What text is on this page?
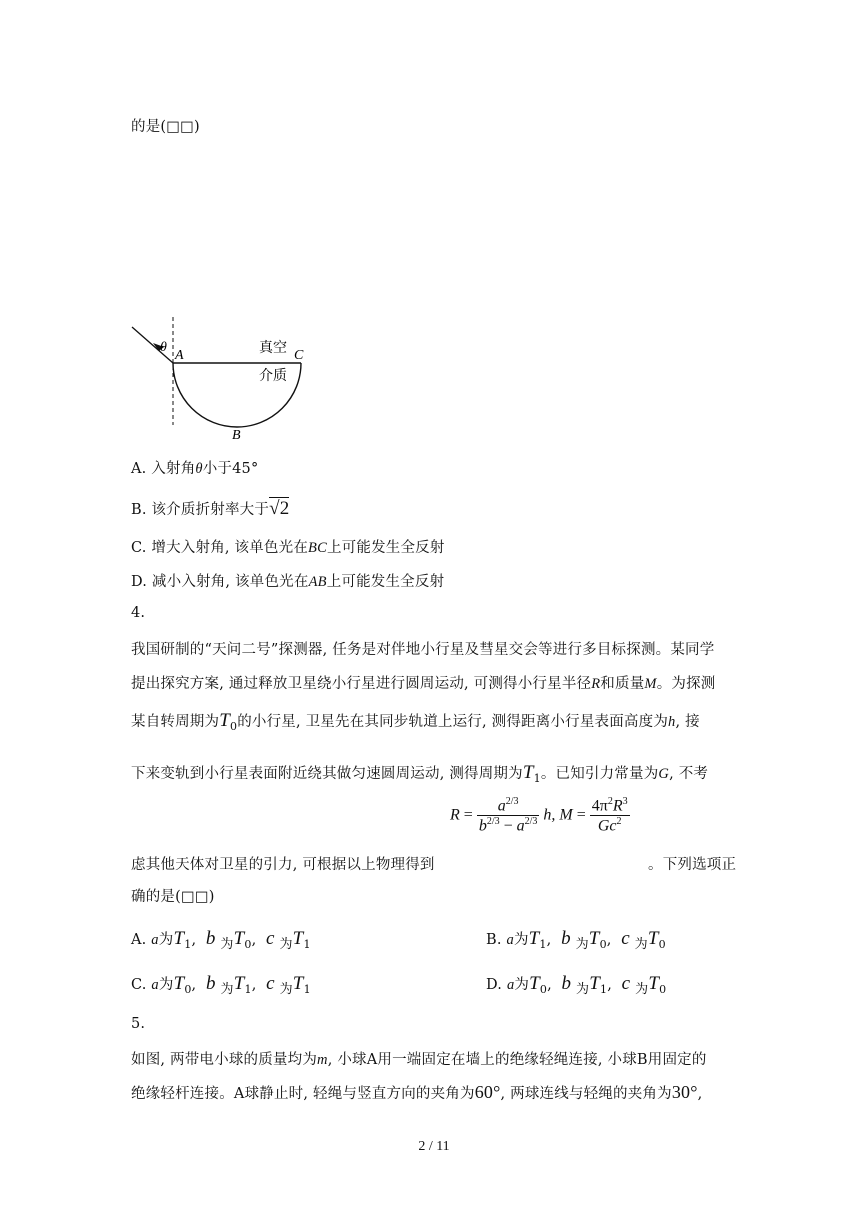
的是(□□)
θ
A	C
B
真空
介质
A. 入射角θ小于45°
B. 该介质折射率大于√2
C. 增大入射角, 该单色光在BC上可能发生全反射
D. 减小入射角, 该单色光在AB上可能发生全反射
4.
我国研制的“天问二号”探测器, 任务是对伴地小行星及彗星交会等进行多目标探测。某同学
提出探究方案, 通过释放卫星绕小行星进行圆周运动, 可测得小行星半径R和质量M。为探测
某自转周期为$T_0$的小行星, 卫星先在其同步轨道上运行, 测得距离小行星表面高度为h, 接
下来变轨到小行星表面附近绕其做匀速圆周运动, 测得周期为$T_1$。已知引力常量为G, 不考
$R = \frac{a^{2/3}}{b^{2/3} - a^{2/3}} h$, $M = \frac{4\pi^2R^3}{Gc^2}$
虑其他天体对卫星的引力, 可根据以上物理得到	。下列选项正
确的是(□□)
A. a为$T_1$,  b 为$T_0$,  c 为$T_1$	B. a为$T_1$,  b 为$T_0$,  c 为$T_0$
C. a为$T_0$,  b 为$T_1$,  c 为$T_1$	D. a为$T_0$,  b 为$T_1$,  c 为$T_0$
5.
如图, 两带电小球的质量均为m, 小球A用一端固定在墙上的绝缘轻绳连接, 小球B用固定的
绝缘轻杆连接。A球静止时, 轻绳与竖直方向的夹角为60°, 两球连线与轻绳的夹角为30°,
2 / 11
